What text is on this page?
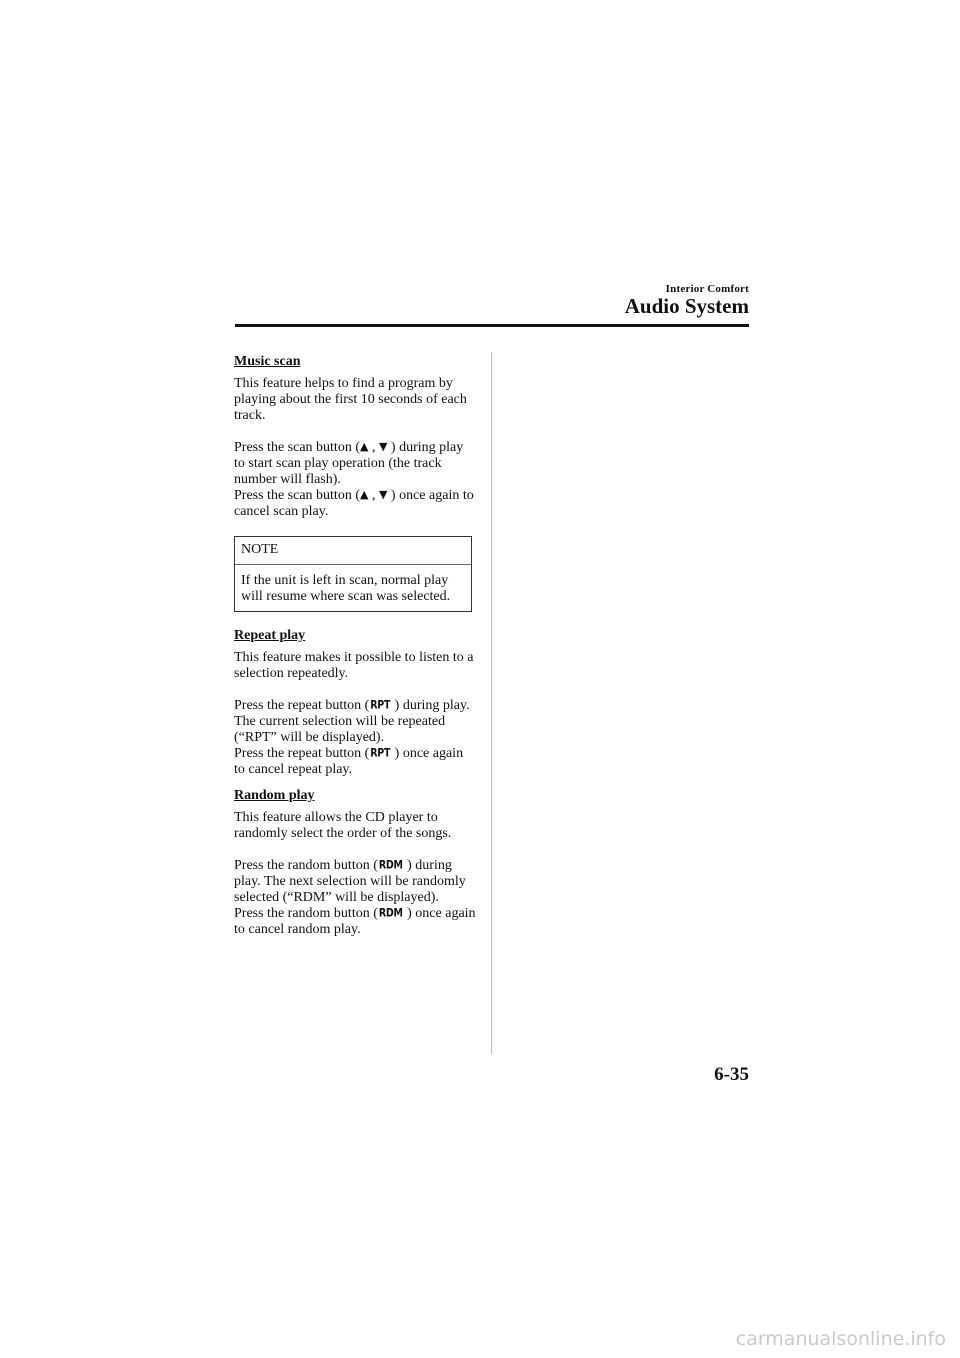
Interior Comfort
Audio System

Music scan

This feature helps to find a program by playing about the first 10 seconds of each track.

Press the scan button (▲ , ▼ ) during play to start scan play operation (the track number will flash).

Press the scan button (▲ , ▼ ) once again to cancel scan play.

NOTE
If the unit is left in scan, normal play will resume where scan was selected.

Repeat play

This feature makes it possible to listen to a selection repeatedly.

Press the repeat button (RPT ) during play. The current selection will be repeated (“RPT” will be displayed).

Press the repeat button (RPT ) once again to cancel repeat play.

Random play

This feature allows the CD player to randomly select the order of the songs.

Press the random button (RDM ) during play. The next selection will be randomly selected (“RDM” will be displayed).

Press the random button (RDM ) once again to cancel random play.

6-35
carmanualsonline.info
